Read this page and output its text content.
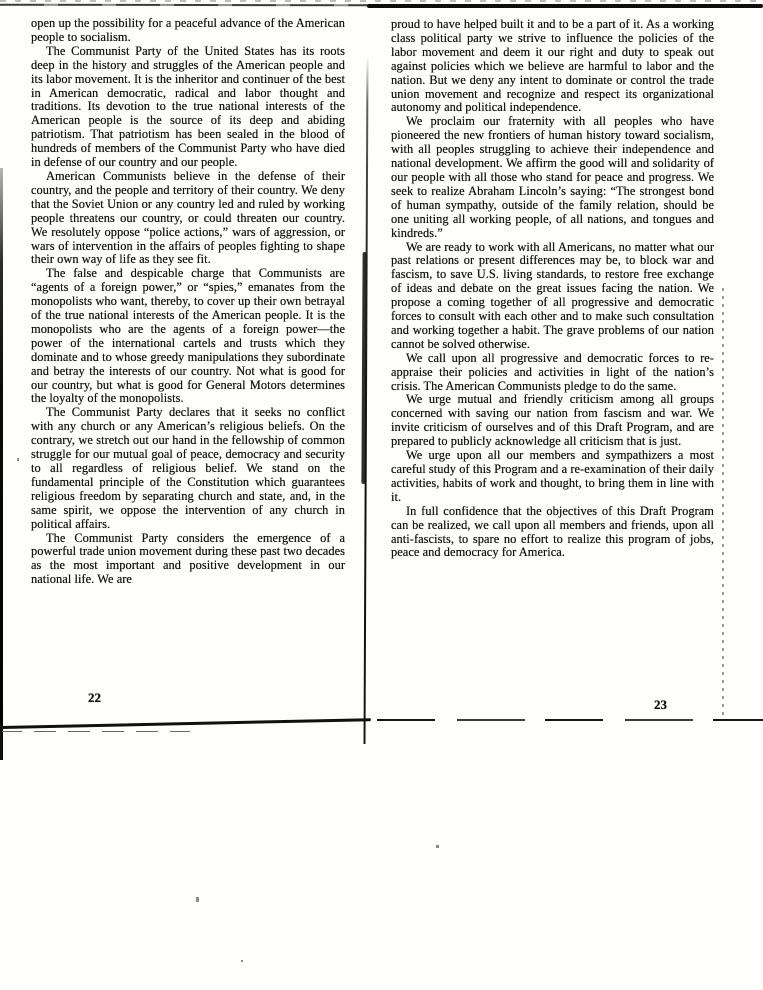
open up the possibility for a peaceful advance of the American people to socialism.

The Communist Party of the United States has its roots deep in the history and struggles of the American people and its labor movement. It is the inheritor and continuer of the best in American democratic, radical and labor thought and traditions. Its devotion to the true national interests of the American people is the source of its deep and abiding patriotism. That patriotism has been sealed in the blood of hundreds of members of the Communist Party who have died in defense of our country and our people.

American Communists believe in the defense of their country, and the people and territory of their country. We deny that the Soviet Union or any country led and ruled by working people threatens our country, or could threaten our country. We resolutely oppose “police actions,” wars of aggression, or wars of intervention in the affairs of peoples fighting to shape their own way of life as they see fit.

The false and despicable charge that Communists are “agents of a foreign power,” or “spies,” emanates from the monopolists who want, thereby, to cover up their own betrayal of the true national interests of the American people. It is the monopolists who are the agents of a foreign power—the power of the international cartels and trusts which they dominate and to whose greedy manipulations they subordinate and betray the interests of our country. Not what is good for our country, but what is good for General Motors determines the loyalty of the monopolists.

The Communist Party declares that it seeks no conflict with any church or any American’s religious beliefs. On the contrary, we stretch out our hand in the fellowship of common struggle for our mutual goal of peace, democracy and security to all regardless of religious belief. We stand on the fundamental principle of the Constitution which guarantees religious freedom by separating church and state, and, in the same spirit, we oppose the intervention of any church in political affairs.

The Communist Party considers the emergence of a powerful trade union movement during these past two decades as the most important and positive development in our national life. We are

22

proud to have helped built it and to be a part of it. As a working class political party we strive to influence the policies of the labor movement and deem it our right and duty to speak out against policies which we believe are harmful to labor and the nation. But we deny any intent to dominate or control the trade union movement and recognize and respect its organizational autonomy and political independence.

We proclaim our fraternity with all peoples who have pioneered the new frontiers of human history toward socialism, with all peoples struggling to achieve their independence and national development. We affirm the good will and solidarity of our people with all those who stand for peace and progress. We seek to realize Abraham Lincoln’s saying: “The strongest bond of human sympathy, outside of the family relation, should be one uniting all working people, of all nations, and tongues and kindreds.”

We are ready to work with all Americans, no matter what our past relations or present differences may be, to block war and fascism, to save U.S. living standards, to restore free exchange of ideas and debate on the great issues facing the nation. We propose a coming together of all progressive and democratic forces to consult with each other and to make such consultation and working together a habit. The grave problems of our nation cannot be solved otherwise.

We call upon all progressive and democratic forces to re-appraise their policies and activities in light of the nation’s crisis. The American Communists pledge to do the same.

We urge mutual and friendly criticism among all groups concerned with saving our nation from fascism and war. We invite criticism of ourselves and of this Draft Program, and are prepared to publicly acknowledge all criticism that is just.

We urge upon all our members and sympathizers a most careful study of this Program and a re-examination of their daily activities, habits of work and thought, to bring them in line with it.

In full confidence that the objectives of this Draft Program can be realized, we call upon all members and friends, upon all anti-fascists, to spare no effort to realize this program of jobs, peace and democracy for America.

23
